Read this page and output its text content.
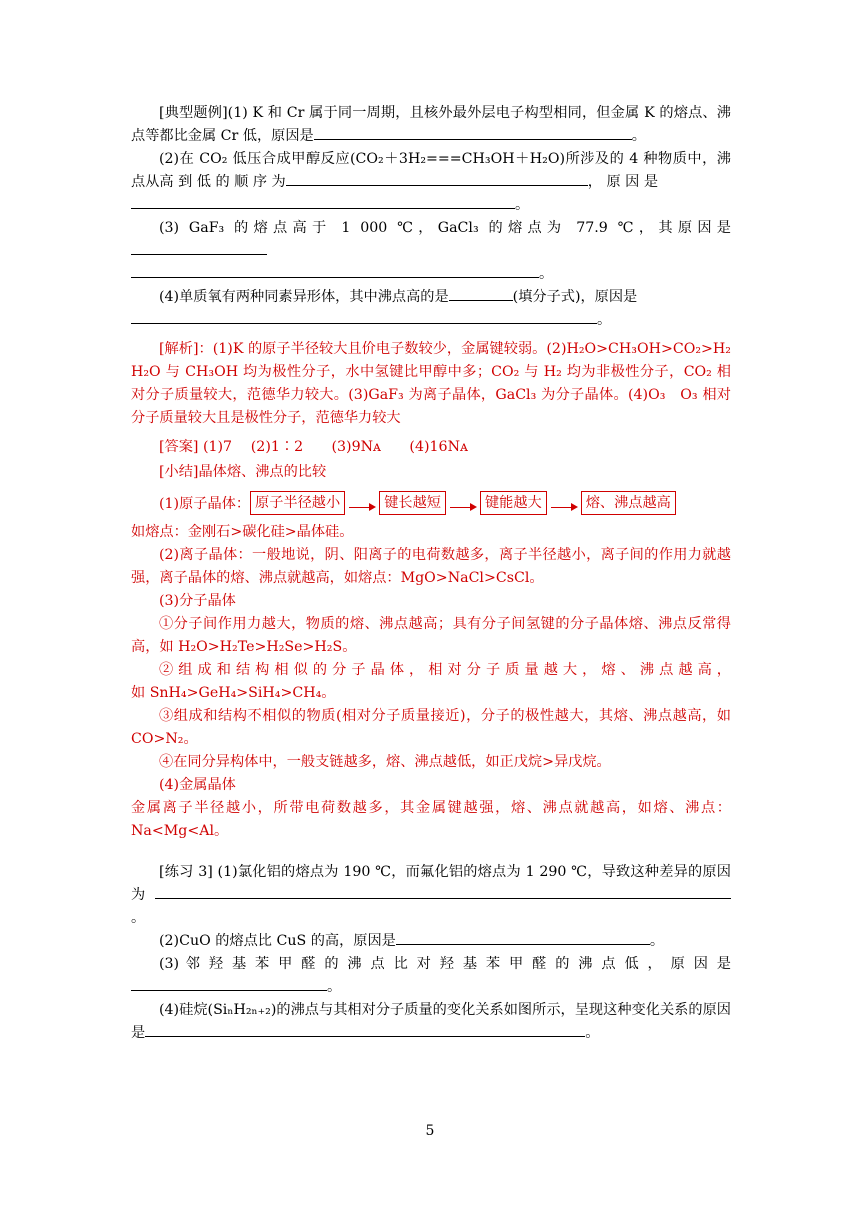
[典型题例](1) K 和 Cr 属于同一周期，且核外最外层电子构型相同，但金属 K 的熔点、沸点等都比金属 Cr 低，原因是	。

(2)在 CO₂ 低压合成甲醇反应(CO₂＋3H₂===CH₃OH＋H₂O)所涉及的 4 种物质中，沸点从高 到 低 的 顺 序 为	， 原 因 是

。

(3) GaF₃ 的熔点高于 1 000 ℃，GaCl₃ 的熔点为 77.9 ℃，其原因是

。

(4)单质氧有两种同素异形体，其中沸点高的是	(填分子式)，原因是

。

[解析]：(1)K 的原子半径较大且价电子数较少，金属键较弱。(2)H₂O>CH₃OH>CO₂>H₂ H₂O 与 CH₃OH 均为极性分子，水中氢键比甲醇中多；CO₂ 与 H₂ 均为非极性分子，CO₂ 相对分子质量较大，范德华力较大。(3)GaF₃ 为离子晶体，GaCl₃ 为分子晶体。(4)O₃　O₃ 相对分子质量较大且是极性分子，范德华力较大

[答案] (1)7　 (2)1∶2　　(3)9Nᴀ　　(4)16Nᴀ

[小结]晶体熔、沸点的比较

(1)原子晶体： 原子半径越小	键长越短	键能越大	熔、沸点越高

如熔点：金刚石>碳化硅>晶体硅。

(2)离子晶体：一般地说，阴、阳离子的电荷数越多，离子半径越小，离子间的作用力就越强，离子晶体的熔、沸点就越高，如熔点：MgO>NaCl>CsCl。

(3)分子晶体

①分子间作用力越大，物质的熔、沸点越高；具有分子间氢键的分子晶体熔、沸点反常得高，如 H₂O>H₂Te>H₂Se>H₂S。

② 组 成 和 结 构 相 似 的 分 子 晶 体 ， 相 对 分 子 质 量 越 大 ， 熔 、 沸 点 越 高 ， 如 SnH₄>GeH₄>SiH₄>CH₄。

③组成和结构不相似的物质(相对分子质量接近)，分子的极性越大，其熔、沸点越高，如 CO>N₂。

④在同分异构体中，一般支链越多，熔、沸点越低，如正戊烷>异戊烷。

(4)金属晶体

金属离子半径越小，所带电荷数越多，其金属键越强，熔、沸点就越高，如熔、沸点：Na<Mg<Al。

[练习 3] (1)氯化铝的熔点为 190 ℃，而氟化铝的熔点为 1 290 ℃，导致这种差异的原因为。

(2)CuO 的熔点比 CuS 的高，原因是	。

(3) 邻 羟 基 苯 甲 醛 的 沸 点 比 对 羟 基 苯 甲 醛 的 沸 点 低 ， 原 因 是。

(4)硅烷(SiₙH₂ₙ₊₂)的沸点与其相对分子质量的变化关系如图所示，呈现这种变化关系的原因是	。

5
